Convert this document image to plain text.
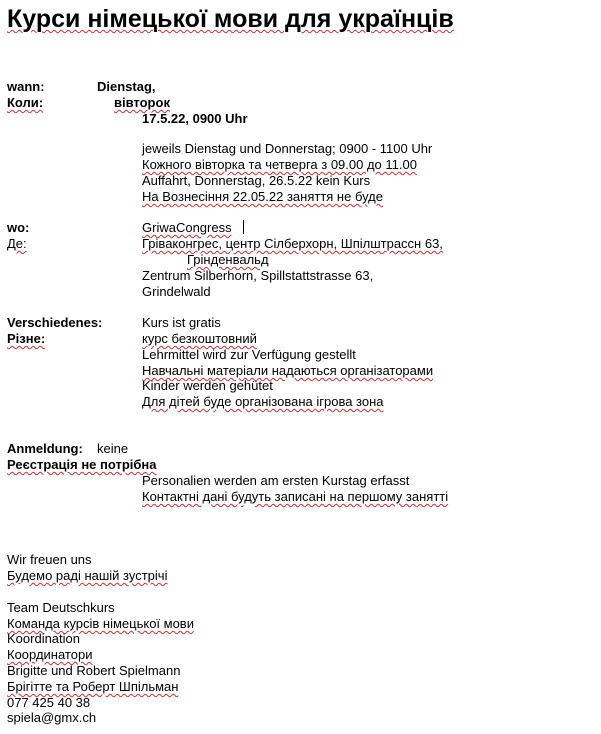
Курси німецької мови для українців
wann:	Dienstag,
Коли:	вівторок
17.5.22, 0900 Uhr
jeweils Dienstag und Donnerstag; 0900 - 1100 Uhr
Кожного вівторка та четверга з 09.00 до 11.00
Auffahrt, Donnerstag, 26.5.22 kein Kurs
На Вознесіння 22.05.22 заняття не буде
wo:
Де:
GriwaCongress
Гріваконгрес, центр Сілберхорн, Шпілштрассн 63,
Грінденвальд
Zentrum Silberhorn, Spillstattstrasse 63,
Grindelwald
Verschiedenes:
Різне:
Kurs ist gratis
курс безкоштовний
Lehrmittel wird zur Verfügung gestellt
Навчальні матеріали надаються організаторами
Kinder werden gehütet
Для дітей буде організована ігрова зона
Anmeldung: keine
Реєстрація не потрібна
Personalien werden am ersten Kurstag erfasst
Контактні дані будуть записані на першому занятті
Wir freuen uns
Будемо раді нашій зустрічі
Team Deutschkurs
Команда курсів німецької мови
Koordination
Координатори
Brigitte und Robert Spielmann
Брігітте та Роберт Шпільман
077 425 40 38
spiela@gmx.ch
